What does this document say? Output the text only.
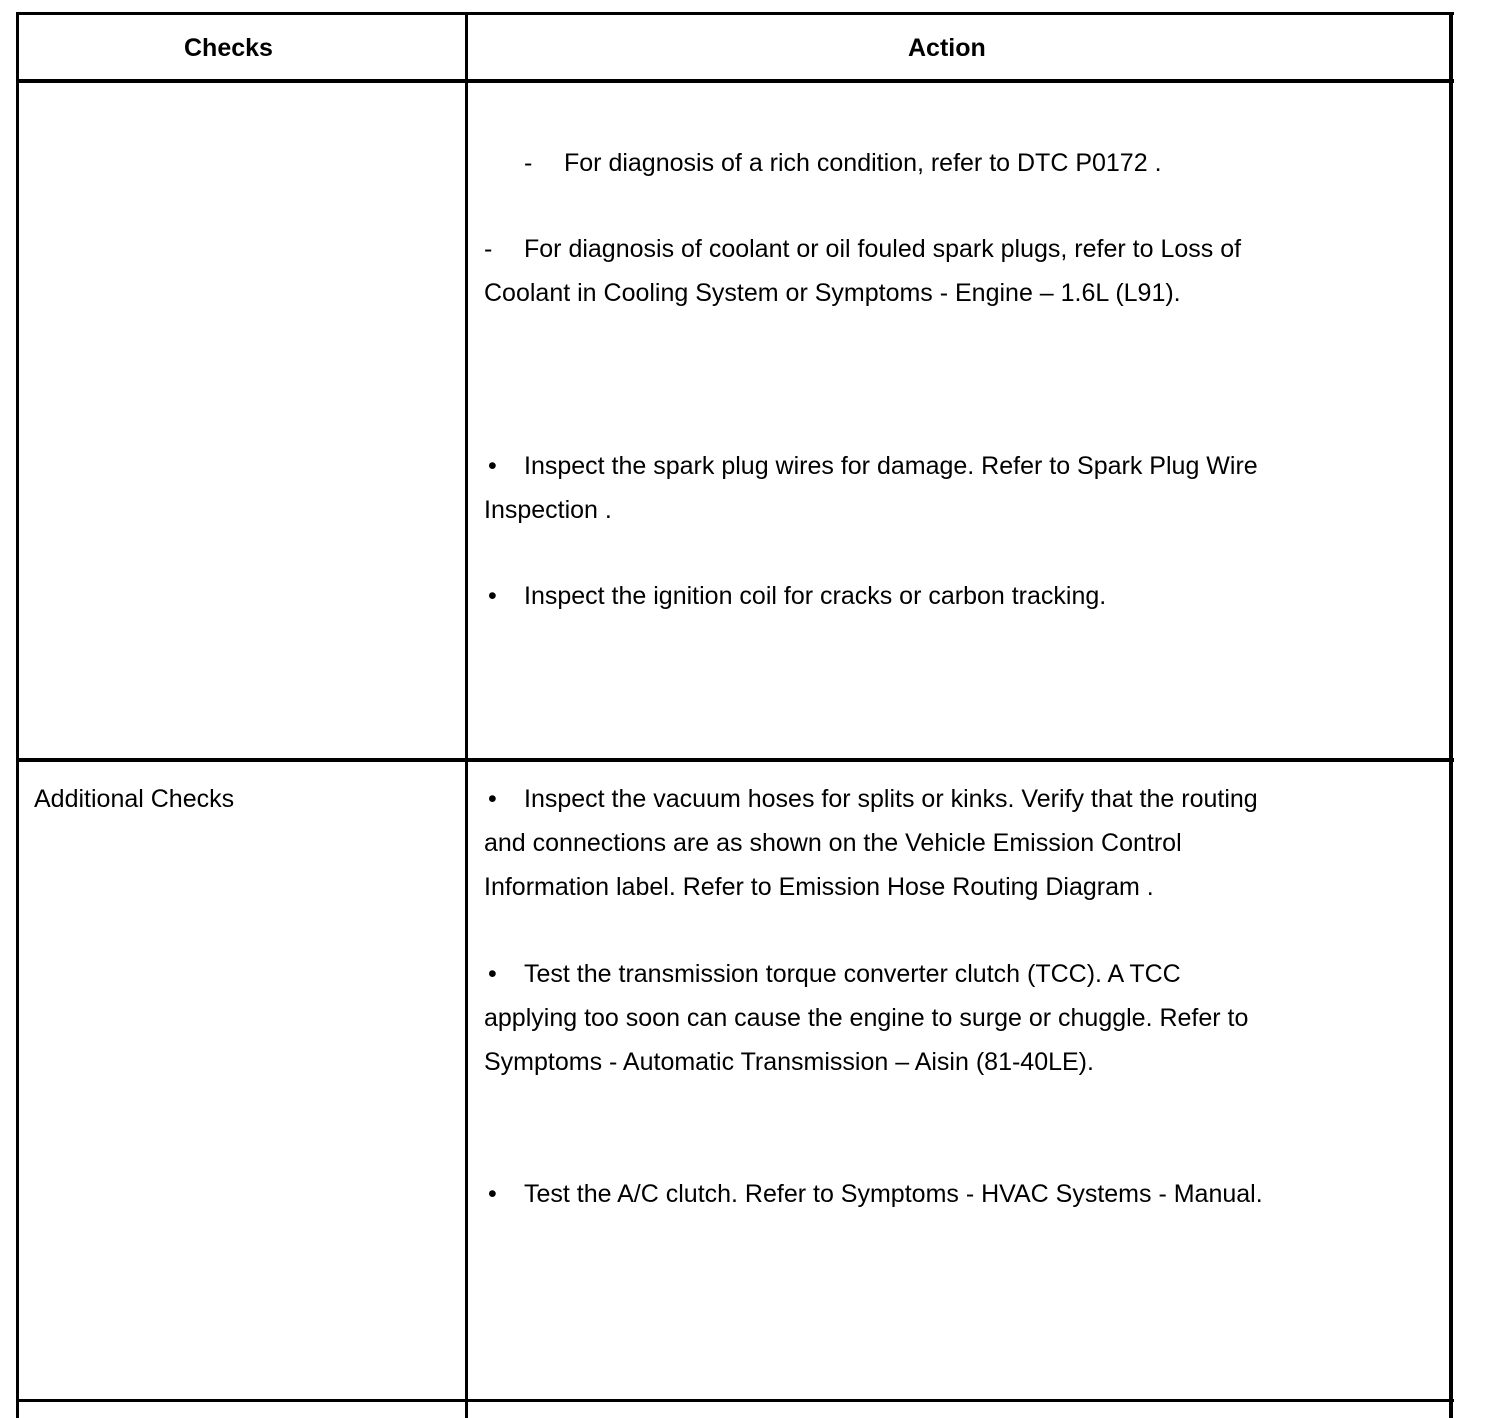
Checks	Action
- For diagnosis of a rich condition, refer to DTC P0172 .
- For diagnosis of coolant or oil fouled spark plugs, refer to Loss of
Coolant in Cooling System or Symptoms - Engine – 1.6L (L91).
• Inspect the spark plug wires for damage. Refer to Spark Plug Wire
Inspection .
• Inspect the ignition coil for cracks or carbon tracking.
Additional Checks	• Inspect the vacuum hoses for splits or kinks. Verify that the routing
and connections are as shown on the Vehicle Emission Control
Information label. Refer to Emission Hose Routing Diagram .
• Test the transmission torque converter clutch (TCC). A TCC
applying too soon can cause the engine to surge or chuggle. Refer to
Symptoms - Automatic Transmission – Aisin (81-40LE).
• Test the A/C clutch. Refer to Symptoms - HVAC Systems - Manual.
